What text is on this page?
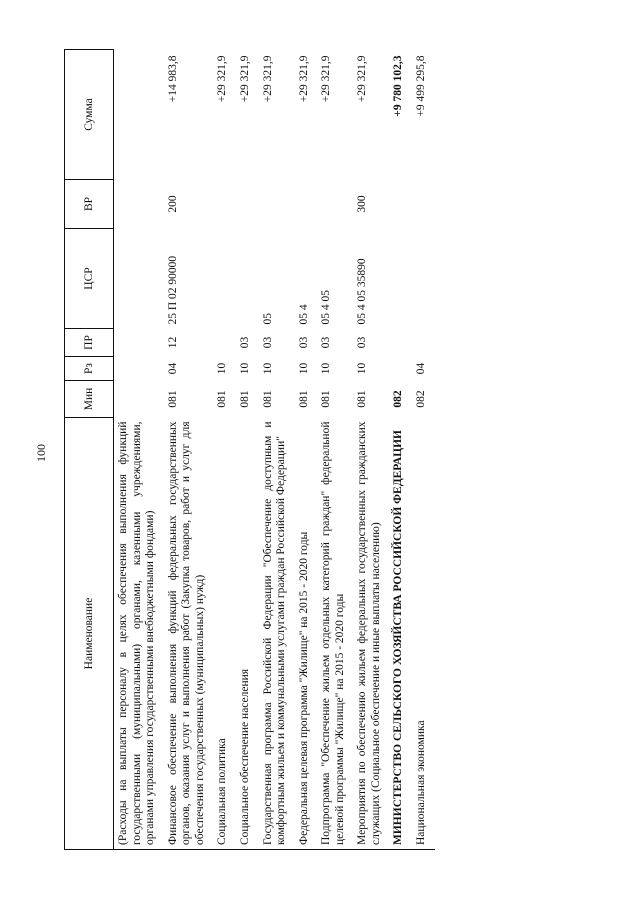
100
Наименование	Мин	Рз	ПР	ЦСР	ВР	Сумма
(Расходы на выплаты персоналу в целях обеспечения выполнения функций государственными (муниципальными) органами, казенными учреждениями, органами управления государственными внебюджетными фондами)						
Финансовое обеспечение выполнения функций федеральных государственных органов, оказания услуг и выполнения работ (Закупка товаров, работ и услуг для обеспечения государственных (муниципальных) нужд)	081	04	12	25 П 02 90000	200	+14 983,8
Социальная политика	081	10				+29 321,9
Социальное обеспечение населения	081	10	03			+29 321,9
Государственная программа Российской Федерации "Обеспечение доступным и комфортным жильем и коммунальными услугами граждан Российской Федерации"	081	10	03	05		+29 321,9
Федеральная целевая программа "Жилище" на 2015 - 2020 годы	081	10	03	05 4		+29 321,9
Подпрограмма "Обеспечение жильем отдельных категорий граждан" федеральной целевой программы "Жилище" на 2015 - 2020 годы	081	10	03	05 4 05		+29 321,9
Мероприятия по обеспечению жильем федеральных государственных гражданских служащих (Социальное обеспечение и иные выплаты населению)	081	10	03	05 4 05 35890	300	+29 321,9
МИНИСТЕРСТВО СЕЛЬСКОГО ХОЗЯЙСТВА РОССИЙСКОЙ ФЕДЕРАЦИИ	082					+9 780 102,3
Национальная экономика	082	04				+9 499 295,8
